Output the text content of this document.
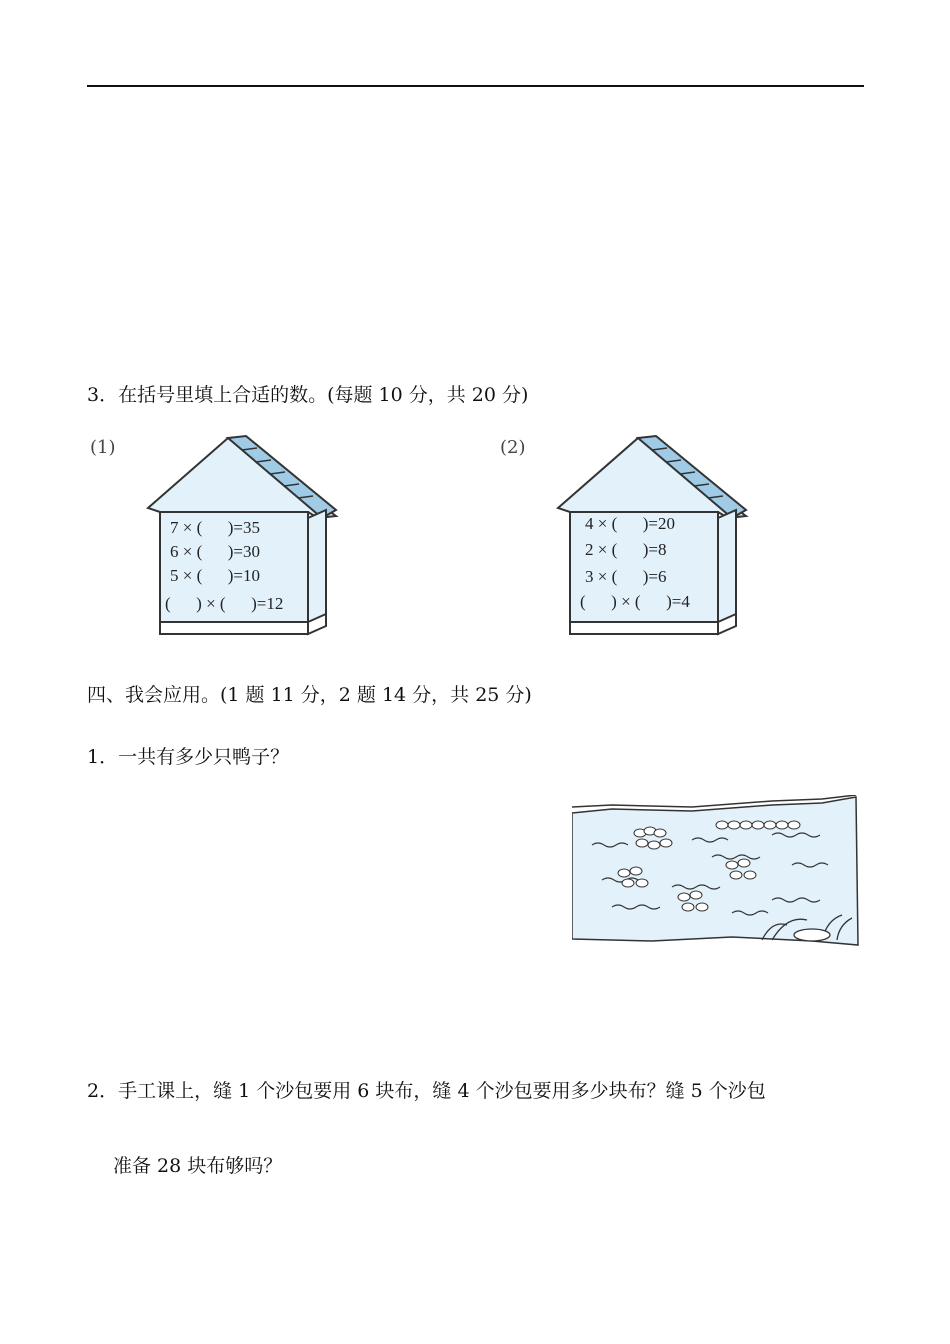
3．在括号里填上合适的数。(每题 10 分，共 20 分)
(1)
7 × (      )=35
6 × (      )=30
5 × (      )=10
(      ) × (      )=12
(2)
4 × (      )=20
2 × (      )=8
3 × (      )=6
(      ) × (      )=4
四、我会应用。(1 题 11 分，2 题 14 分，共 25 分)
1．一共有多少只鸭子？
2．手工课上，缝 1 个沙包要用 6 块布，缝 4 个沙包要用多少块布？缝 5 个沙包
准备 28 块布够吗？
